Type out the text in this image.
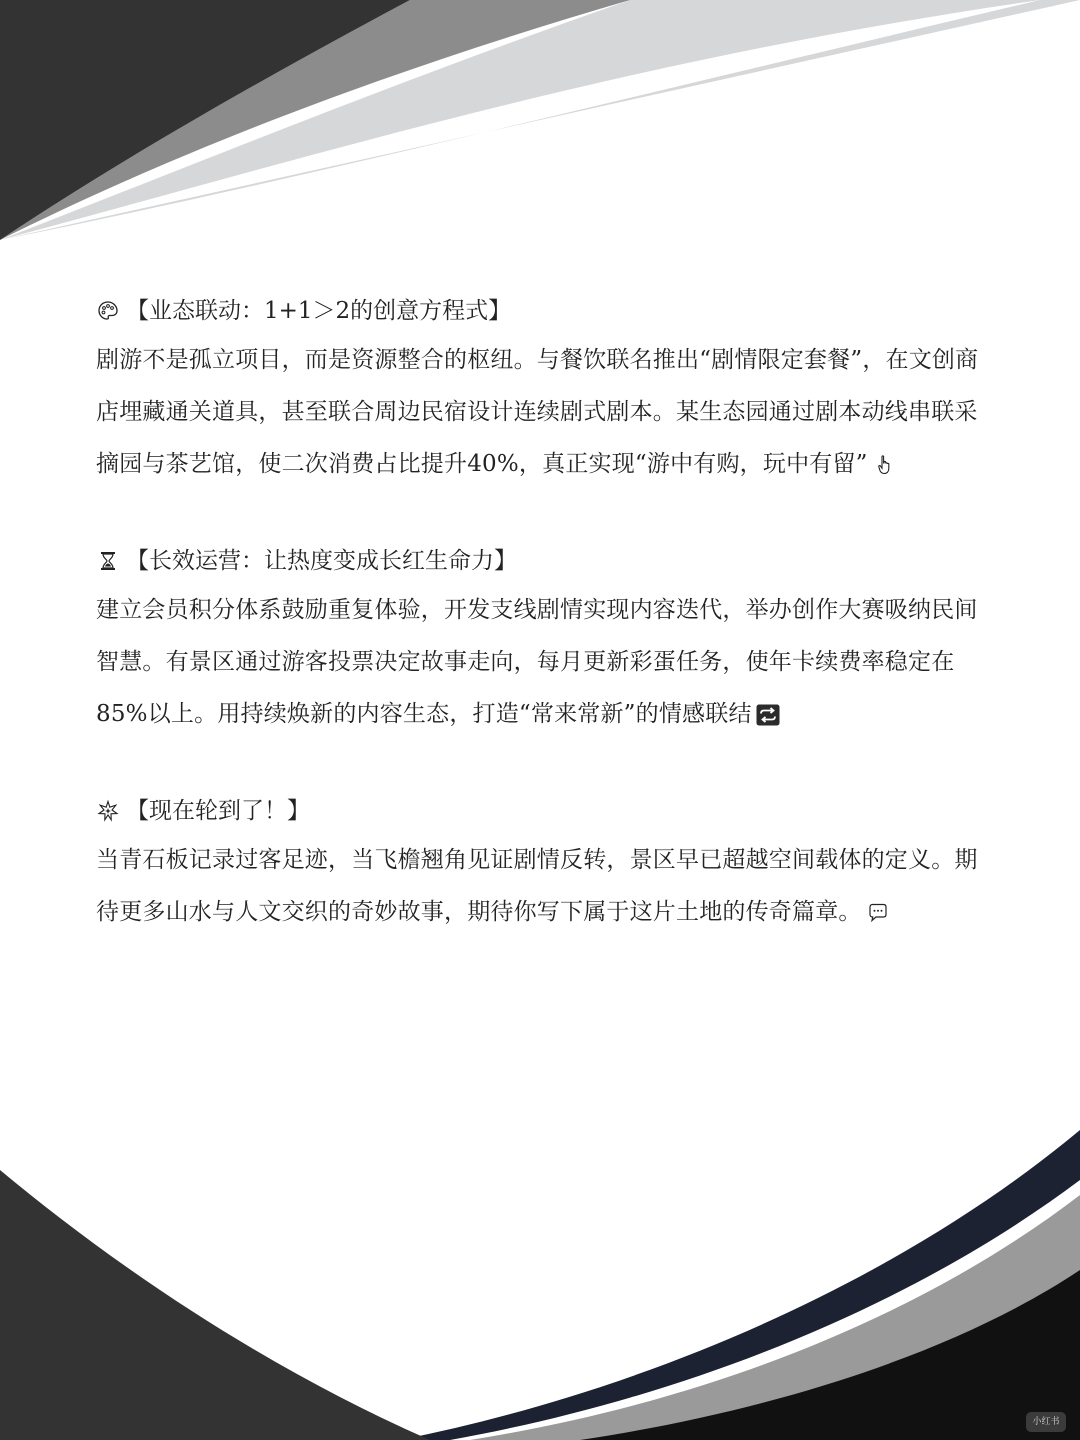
【业态联动：1+1＞2的创意方程式】
剧游不是孤立项目，而是资源整合的枢纽。与餐饮联名推出“剧情限定套餐”，在文创商店埋藏通关道具，甚至联合周边民宿设计连续剧式剧本。某生态园通过剧本动线串联采摘园与茶艺馆，使二次消费占比提升40%，真正实现“游中有购，玩中有留”
【长效运营：让热度变成长红生命力】
建立会员积分体系鼓励重复体验，开发支线剧情实现内容迭代，举办创作大赛吸纳民间智慧。有景区通过游客投票决定故事走向，每月更新彩蛋任务，使年卡续费率稳定在85%以上。用持续焕新的内容生态，打造“常来常新”的情感联结
【现在轮到了！】
当青石板记录过客足迹，当飞檐翘角见证剧情反转，景区早已超越空间载体的定义。期待更多山水与人文交织的奇妙故事，期待你写下属于这片土地的传奇篇章。
小红书
